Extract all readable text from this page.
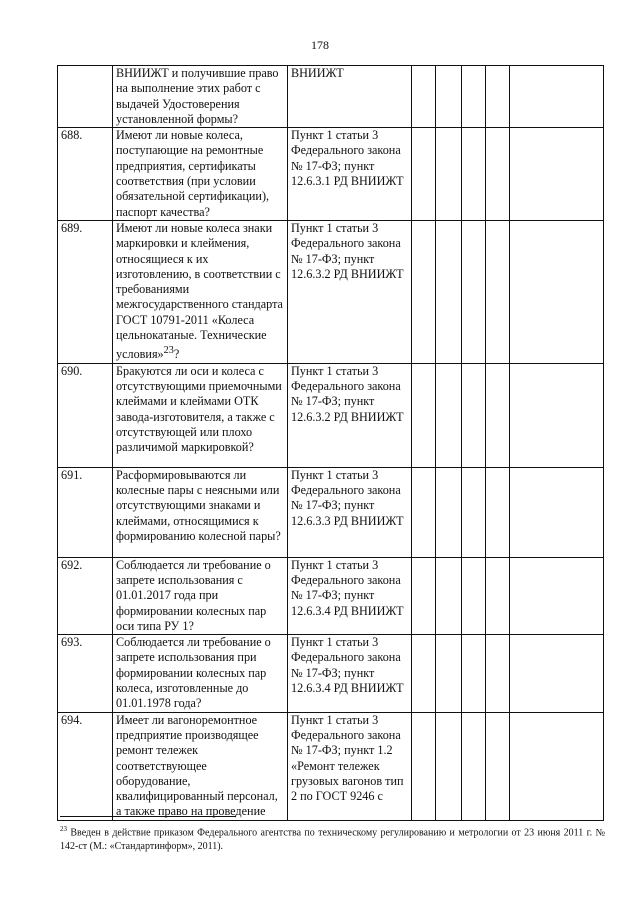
178
	ВНИИЖТ и получившие право на выполнение этих работ с выдачей Удостоверения установленной формы?	ВНИИЖТ					
688.	Имеют ли новые колеса, поступающие на ремонтные предприятия, сертификаты соответствия (при условии обязательной сертификации), паспорт качества?	Пункт 1 статьи 3 Федерального закона № 17-ФЗ; пункт 12.6.3.1 РД ВНИИЖТ					
689.	Имеют ли новые колеса знаки маркировки и клеймения, относящиеся к их изготовлению, в соответствии с требованиями межгосударственного стандарта ГОСТ 10791-2011 «Колеса цельнокатаные. Технические условия»$^{23}$?	Пункт 1 статьи 3 Федерального закона № 17-ФЗ; пункт 12.6.3.2 РД ВНИИЖТ					
690.	Бракуются ли оси и колеса с отсутствующими приемочными клеймами и клеймами ОТК завода-изготовителя, а также с отсутствующей или плохо различимой маркировкой?	Пункт 1 статьи 3 Федерального закона № 17-ФЗ; пункт 12.6.3.2 РД ВНИИЖТ					
691.	Расформировываются ли колесные пары с неясными или отсутствующими знаками и клеймами, относящимися к формированию колесной пары?	Пункт 1 статьи 3 Федерального закона № 17-ФЗ; пункт 12.6.3.3 РД ВНИИЖТ					
692.	Соблюдается ли требование о запрете использования с 01.01.2017 года при формировании колесных пар оси типа РУ 1?	Пункт 1 статьи 3 Федерального закона № 17-ФЗ; пункт 12.6.3.4 РД ВНИИЖТ					
693.	Соблюдается ли требование о запрете использования при формировании колесных пар колеса, изготовленные до 01.01.1978 года?	Пункт 1 статьи 3 Федерального закона № 17-ФЗ; пункт 12.6.3.4 РД ВНИИЖТ					
694.	Имеет ли вагоноремонтное предприятие производящее ремонт тележек соответствующее оборудование, квалифицированный персонал, а также право на проведение	Пункт 1 статьи 3 Федерального закона № 17-ФЗ; пункт 1.2 «Ремонт тележек грузовых вагонов тип 2 по ГОСТ 9246 с					
$^{23}$ Введен в действие приказом Федерального агентства по техническому регулированию и метрологии от 23 июня 2011 г. № 142-ст (М.: «Стандартинформ», 2011).
